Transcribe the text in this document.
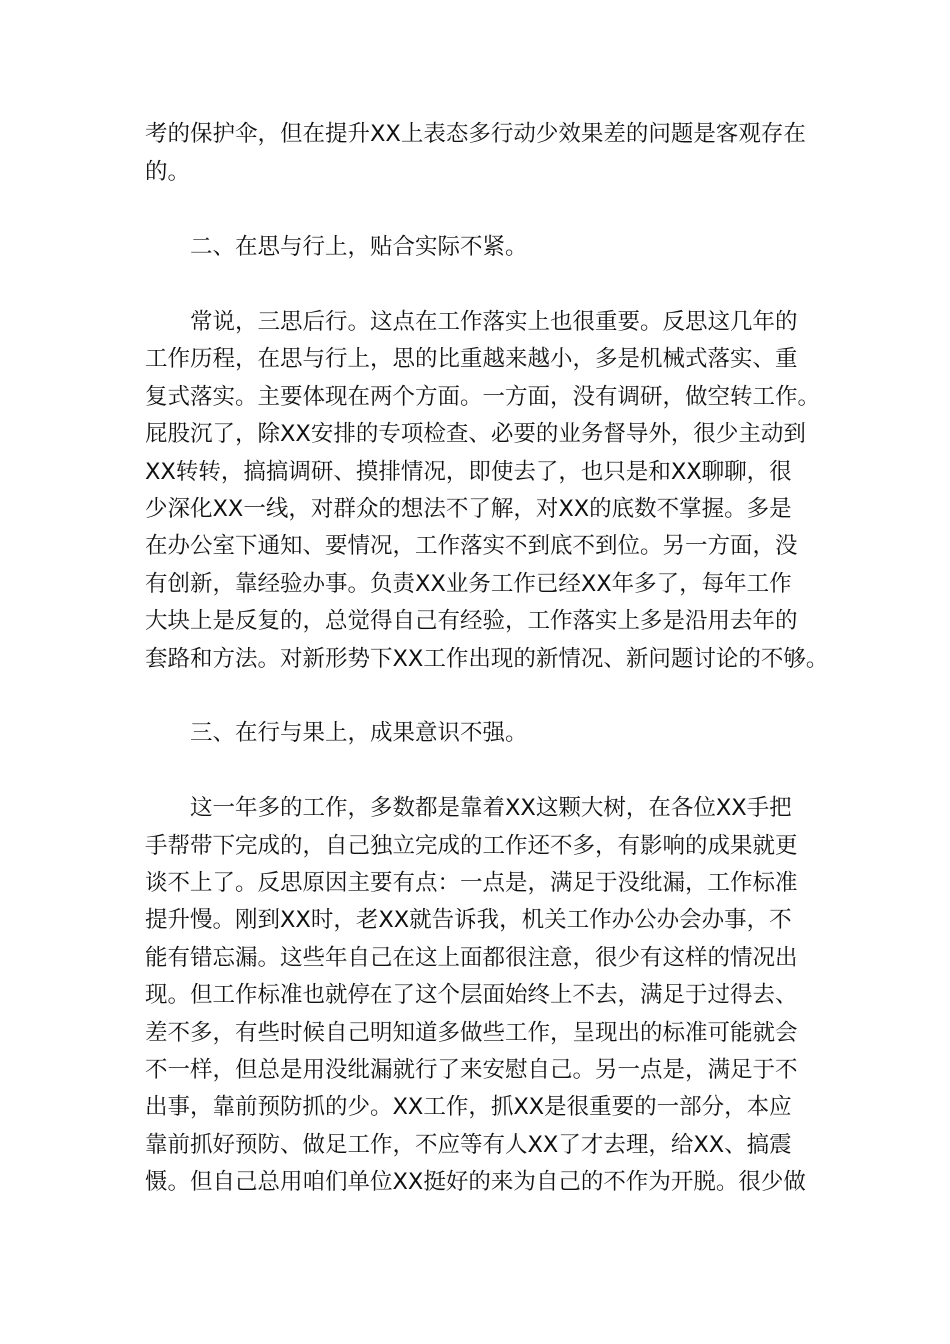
考的保护伞，但在提升XX上表态多行动少效果差的问题是客观存在
的。
二、在思与行上，贴合实际不紧。
常说，三思后行。这点在工作落实上也很重要。反思这几年的
工作历程，在思与行上，思的比重越来越小，多是机械式落实、重
复式落实。主要体现在两个方面。一方面，没有调研，做空转工作。
屁股沉了，除XX安排的专项检查、必要的业务督导外，很少主动到
XX转转，搞搞调研、摸排情况，即使去了，也只是和XX聊聊，很
少深化XX一线，对群众的想法不了解，对XX的底数不掌握。多是
在办公室下通知、要情况，工作落实不到底不到位。另一方面，没
有创新，靠经验办事。负责XX业务工作已经XX年多了，每年工作
大块上是反复的，总觉得自己有经验，工作落实上多是沿用去年的
套路和方法。对新形势下XX工作出现的新情况、新问题讨论的不够。
三、在行与果上，成果意识不强。
这一年多的工作，多数都是靠着XX这颗大树，在各位XX手把
手帮带下完成的，自己独立完成的工作还不多，有影响的成果就更
谈不上了。反思原因主要有点：一点是，满足于没纰漏，工作标准
提升慢。刚到XX时，老XX就告诉我，机关工作办公办会办事，不
能有错忘漏。这些年自己在这上面都很注意，很少有这样的情况出
现。但工作标准也就停在了这个层面始终上不去，满足于过得去、
差不多，有些时候自己明知道多做些工作，呈现出的标准可能就会
不一样，但总是用没纰漏就行了来安慰自己。另一点是，满足于不
出事，靠前预防抓的少。XX工作，抓XX是很重要的一部分，本应
靠前抓好预防、做足工作，不应等有人XX了才去理，给XX、搞震
慑。但自己总用咱们单位XX挺好的来为自己的不作为开脱。很少做
